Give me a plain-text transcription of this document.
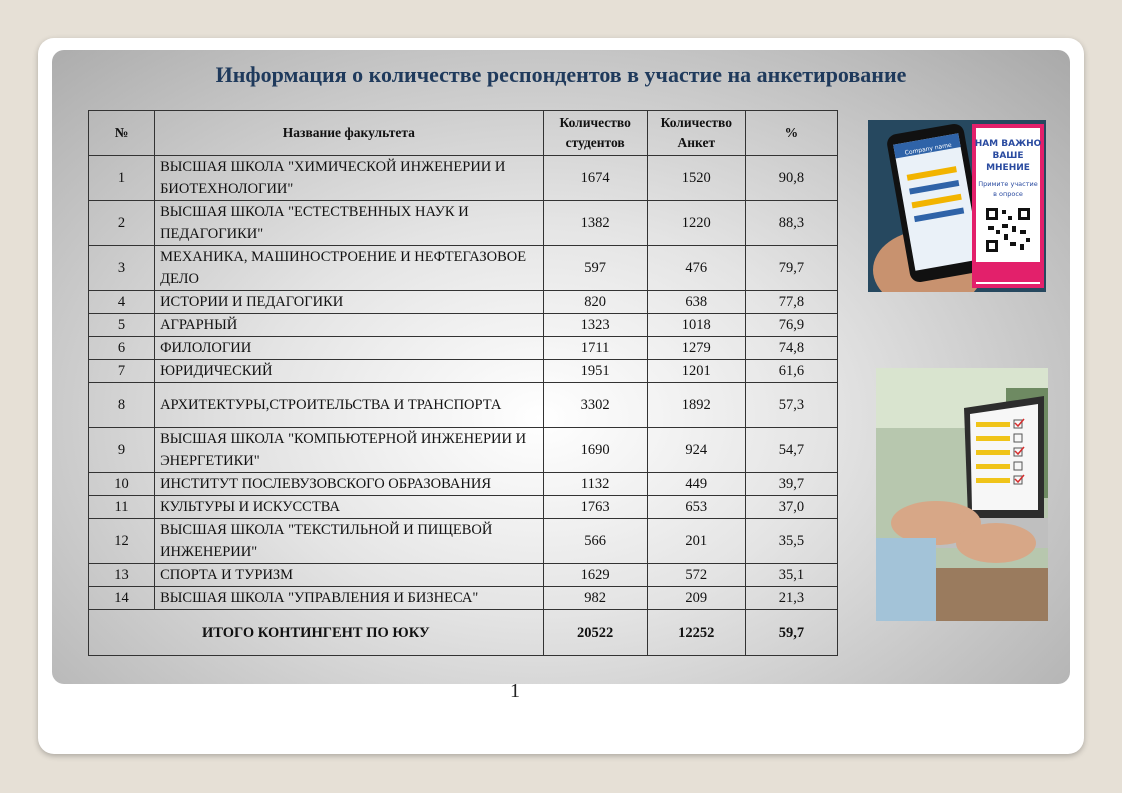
Информация о количестве респондентов в участие на анкетирование
№	Название факультета	Количество студентов	Количество Анкет	%
1	ВЫСШАЯ ШКОЛА "ХИМИЧЕСКОЙ ИНЖЕНЕРИИ И БИОТЕХНОЛОГИИ"	1674	1520	90,8
2	ВЫСШАЯ ШКОЛА "ЕСТЕСТВЕННЫХ НАУК И ПЕДАГОГИКИ"	1382	1220	88,3
3	МЕХАНИКА, МАШИНОСТРОЕНИЕ И НЕФТЕГАЗОВОЕ ДЕЛО	597	476	79,7
4	ИСТОРИИ И ПЕДАГОГИКИ	820	638	77,8
5	АГРАРНЫЙ	1323	1018	76,9
6	ФИЛОЛОГИИ	1711	1279	74,8
7	ЮРИДИЧЕСКИЙ	1951	1201	61,6
8	АРХИТЕКТУРЫ,СТРОИТЕЛЬСТВА И ТРАНСПОРТА	3302	1892	57,3
9	ВЫСШАЯ ШКОЛА "КОМПЬЮТЕРНОЙ ИНЖЕНЕРИИ И ЭНЕРГЕТИКИ"	1690	924	54,7
10	ИНСТИТУТ ПОСЛЕВУЗОВСКОГО ОБРАЗОВАНИЯ	1132	449	39,7
11	КУЛЬТУРЫ И ИСКУССТВА	1763	653	37,0
12	ВЫСШАЯ ШКОЛА "ТЕКСТИЛЬНОЙ И ПИЩЕВОЙ ИНЖЕНЕРИИ"	566	201	35,5
13	СПОРТА И ТУРИЗМ	1629	572	35,1
14	ВЫСШАЯ ШКОЛА "УПРАВЛЕНИЯ И БИЗНЕСА"	982	209	21,3
ИТОГО КОНТИНГЕНТ ПО ЮКУ		20522	12252	59,7
Company name НАМ ВАЖНО
ВАШЕ
МНЕНИЕ
Примите участие
в опросе
1
